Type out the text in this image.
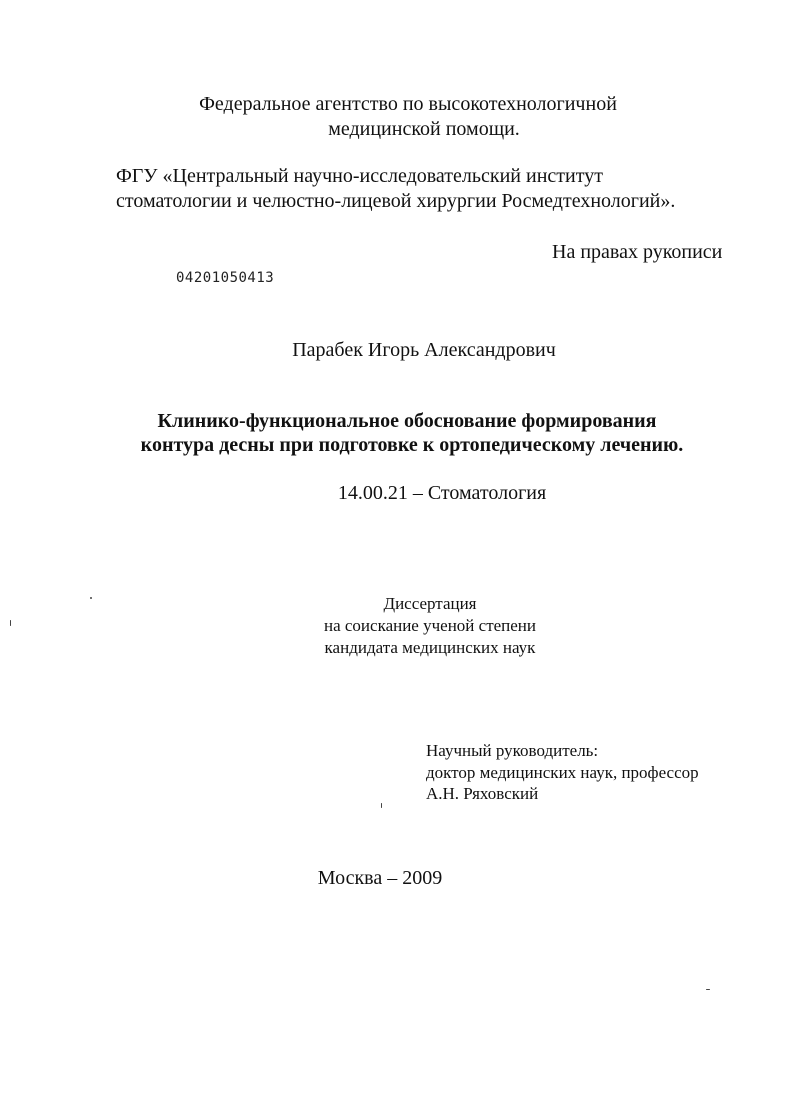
Федеральное агентство по высокотехнологичной
медицинской помощи.
ФГУ «Центральный научно-исследовательский институт
стоматологии и челюстно-лицевой хирургии Росмедтехнологий».
На правах рукописи
04201050413
Парабек Игорь Александрович
Клинико-функциональное обоснование формирования
контура десны при подготовке к ортопедическому лечению.
14.00.21 – Стоматология
Диссертация
на соискание ученой степени
кандидата медицинских наук
Научный руководитель:
доктор медицинских наук, профессор
А.Н. Ряховский
Москва – 2009
